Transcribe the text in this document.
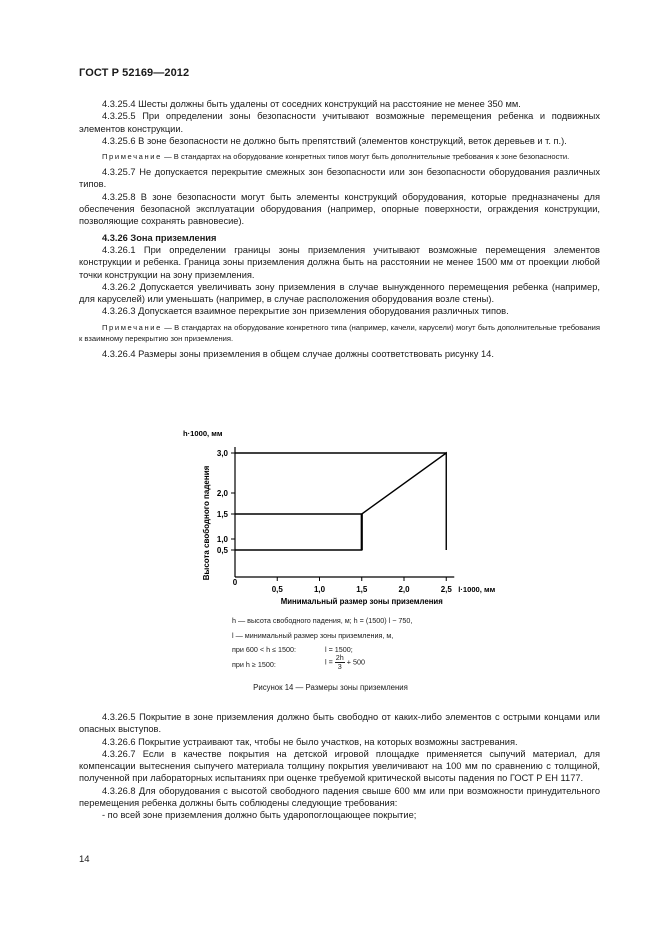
ГОСТ Р 52169—2012

4.3.25.4 Шесты должны быть удалены от соседних конструкций на расстояние не менее 350 мм.

4.3.25.5 При определении зоны безопасности учитывают возможные перемещения ребенка и подвижных элементов конструкции.

4.3.25.6 В зоне безопасности не должно быть препятствий (элементов конструкций, веток деревьев и т. п.).

Примечание — В стандартах на оборудование конкретных типов могут быть дополнительные требования к зоне безопасности.

4.3.25.7 Не допускается перекрытие смежных зон безопасности или зон безопасности оборудования различных типов.

4.3.25.8 В зоне безопасности могут быть элементы конструкций оборудования, которые предназначены для обеспечения безопасной эксплуатации оборудования (например, опорные поверхности, ограждения конструкции, позволяющие сохранять равновесие).

4.3.26 Зона приземления

4.3.26.1 При определении границы зоны приземления учитывают возможные перемещения элементов конструкции и ребенка. Граница зоны приземления должна быть на расстоянии не менее 1500 мм от проекции любой точки конструкции на зону приземления.

4.3.26.2 Допускается увеличивать зону приземления в случае вынужденного перемещения ребенка (например, для каруселей) или уменьшать (например, в случае расположения оборудования возле стены).

4.3.26.3 Допускается взаимное перекрытие зон приземления оборудования различных типов.

Примечание — В стандартах на оборудование конкретного типа (например, качели, карусели) могут быть дополнительные требования к взаимному перекрытию зон приземления.

4.3.26.4 Размеры зоны приземления в общем случае должны соответствовать рисунку 14.

0,5	1,0	1,5	2,0	2,5
0
0,5
1,0
1,5
2,0
3,0
Высота свободного падения
h·1000, мм
Минимальный размер зоны приземления
l·1000, мм
h — высота свободного падения, м; h = (1500) l − 750,
l — минимальный размер зоны приземления, м,
при 600 < h ≤ 1500:	l = 1500;
при h ≥ 1500:	$l = \frac{2h}{3} + 500$
Рисунок 14 — Размеры зоны приземления

4.3.26.5 Покрытие в зоне приземления должно быть свободно от каких-либо элементов с острыми концами или опасных выступов.

4.3.26.6 Покрытие устраивают так, чтобы не было участков, на которых возможны застревания.

4.3.26.7 Если в качестве покрытия на детской игровой площадке применяется сыпучий материал, для компенсации вытеснения сыпучего материала толщину покрытия увеличивают на 100 мм по сравнению с толщиной, полученной при лабораторных испытаниях при оценке требуемой критической высоты падения по ГОСТ Р ЕН 1177.

4.3.26.8 Для оборудования с высотой свободного падения свыше 600 мм или при возможности принудительного перемещения ребенка должны быть соблюдены следующие требования:

- по всей зоне приземления должно быть ударопоглощающее покрытие;

14
